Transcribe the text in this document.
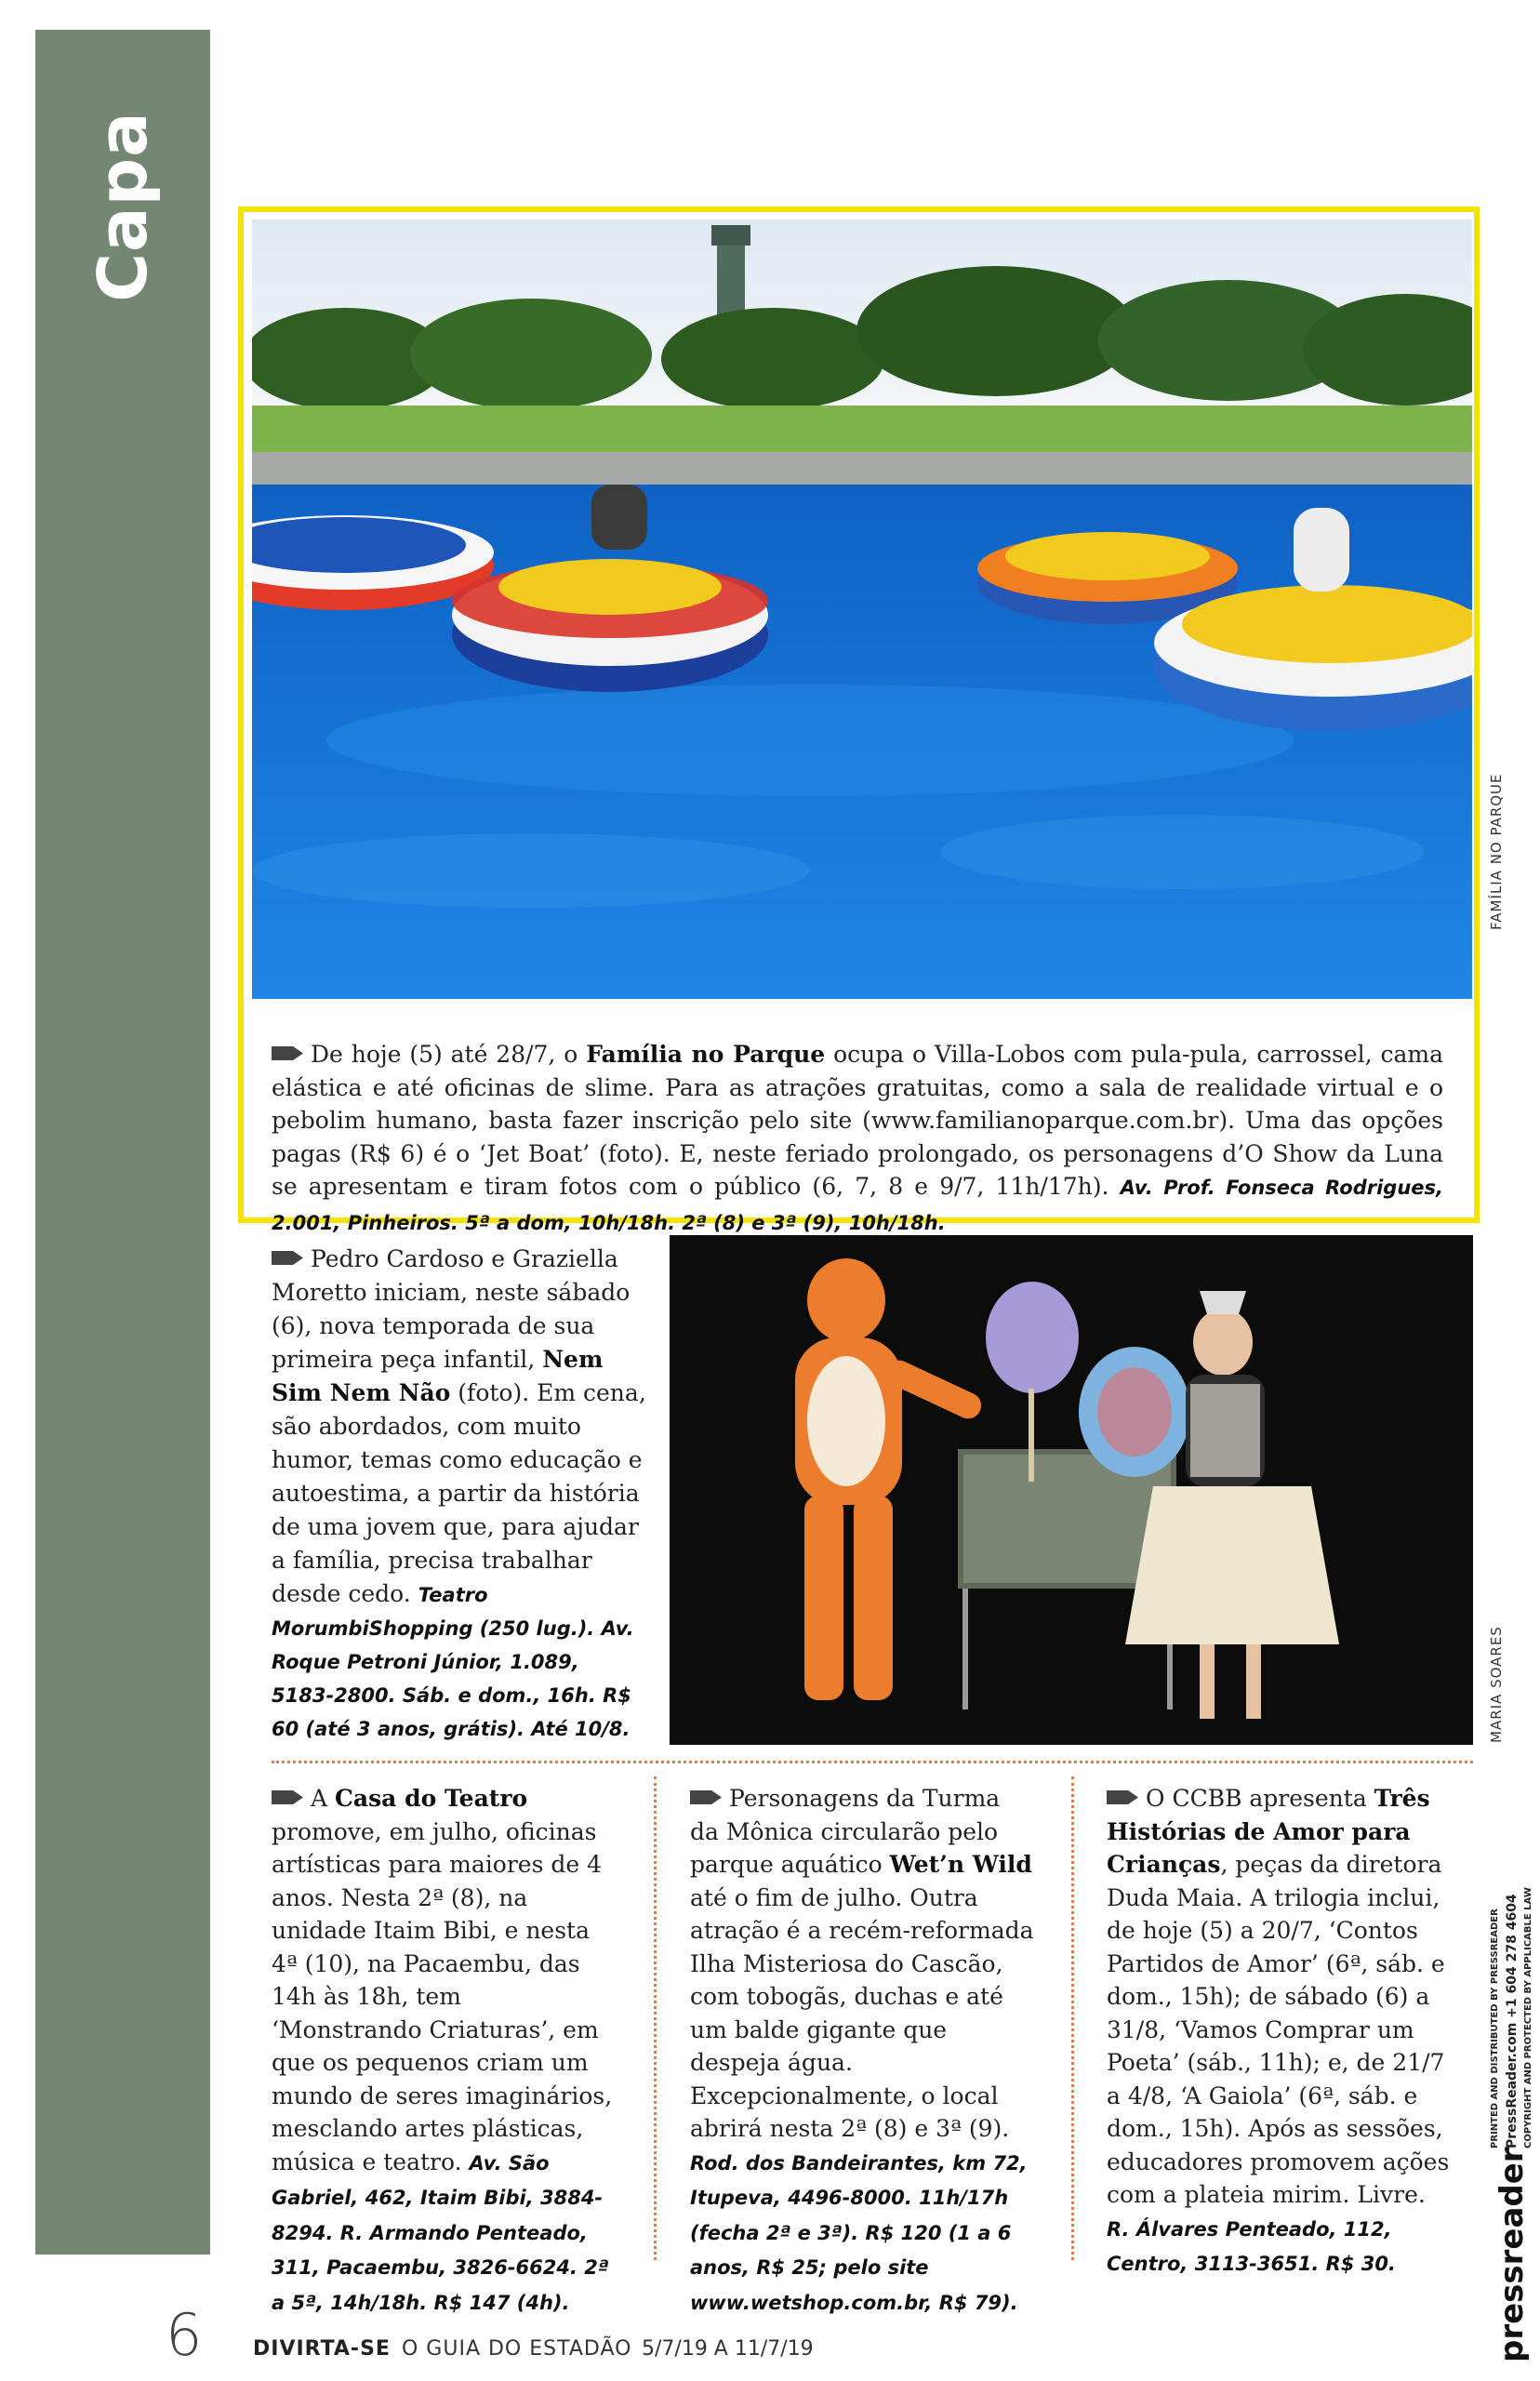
Capa
FAMÍLIA NO PARQUE

De hoje (5) até 28/7, o Família no Parque ocupa o Villa-Lobos com pula-pula, carrossel, cama elástica e até oficinas de slime. Para as atrações gratuitas, como a sala de realidade virtual e o pebolim humano, basta fazer inscrição pelo site (www.familianoparque.com.br). Uma das opções pagas (R$ 6) é o ‘Jet Boat’ (foto). E, neste feriado prolongado, os personagens d’O Show da Luna se apresentam e tiram fotos com o público (6, 7, 8 e 9/7, 11h/17h). Av. Prof. Fonseca Rodrigues, 2.001, Pinheiros. 5ª a dom, 10h/18h. 2ª (8) e 3ª (9), 10h/18h.

Pedro Cardoso e Graziella Moretto iniciam, neste sábado (6), nova temporada de sua primeira peça infantil, Nem Sim Nem Não (foto). Em cena, são abordados, com muito humor, temas como educação e autoestima, a partir da história de uma jovem que, para ajudar a família, precisa trabalhar desde cedo. Teatro MorumbiShopping (250 lug.). Av. Roque Petroni Júnior, 1.089, 5183-2800. Sáb. e dom., 16h. R$ 60 (até 3 anos, grátis). Até 10/8.	MARIA SOARES

A Casa do Teatro promove, em julho, oficinas artísticas para maiores de 4 anos. Nesta 2ª (8), na unidade Itaim Bibi, e nesta 4ª (10), na Pacaembu, das 14h às 18h, tem ‘Monstrando Criaturas’, em que os pequenos criam um mundo de seres imaginários, mesclando artes plásticas, música e teatro. Av. São Gabriel, 462, Itaim Bibi, 3884-8294. R. Armando Penteado, 311, Pacaembu, 3826-6624. 2ª a 5ª, 14h/18h. R$ 147 (4h).

Personagens da Turma da Mônica circularão pelo parque aquático Wet’n Wild até o fim de julho. Outra atração é a recém-reformada Ilha Misteriosa do Cascão, com tobogãs, duchas e até um balde gigante que despeja água. Excepcionalmente, o local abrirá nesta 2ª (8) e 3ª (9). Rod. dos Bandeirantes, km 72, Itupeva, 4496-8000. 11h/17h (fecha 2ª e 3ª). R$ 120 (1 a 6 anos, R$ 25; pelo site www.wetshop.com.br, R$ 79).

O CCBB apresenta Três Histórias de Amor para Crianças, peças da diretora Duda Maia. A trilogia inclui, de hoje (5) a 20/7, ‘Contos Partidos de Amor’ (6ª, sáb. e dom., 15h); de sábado (6) a 31/8, ‘Vamos Comprar um Poeta’ (sáb., 11h); e, de 21/7 a 4/8, ‘A Gaiola’ (6ª, sáb. e dom., 15h). Após as sessões, educadores promovem ações com a plateia mirim. Livre. R. Álvares Penteado, 112, Centro, 3113-3651. R$ 30.	pressreader
PRINTED AND DISTRIBUTED BY PRESSREADER PressReader.com +1 604 278 4604 COPYRIGHT AND PROTECTED BY APPLICABLE LAW
6 DIVIRTA-SE O GUIA DO ESTADÃO 5/7/19 A 11/7/19
